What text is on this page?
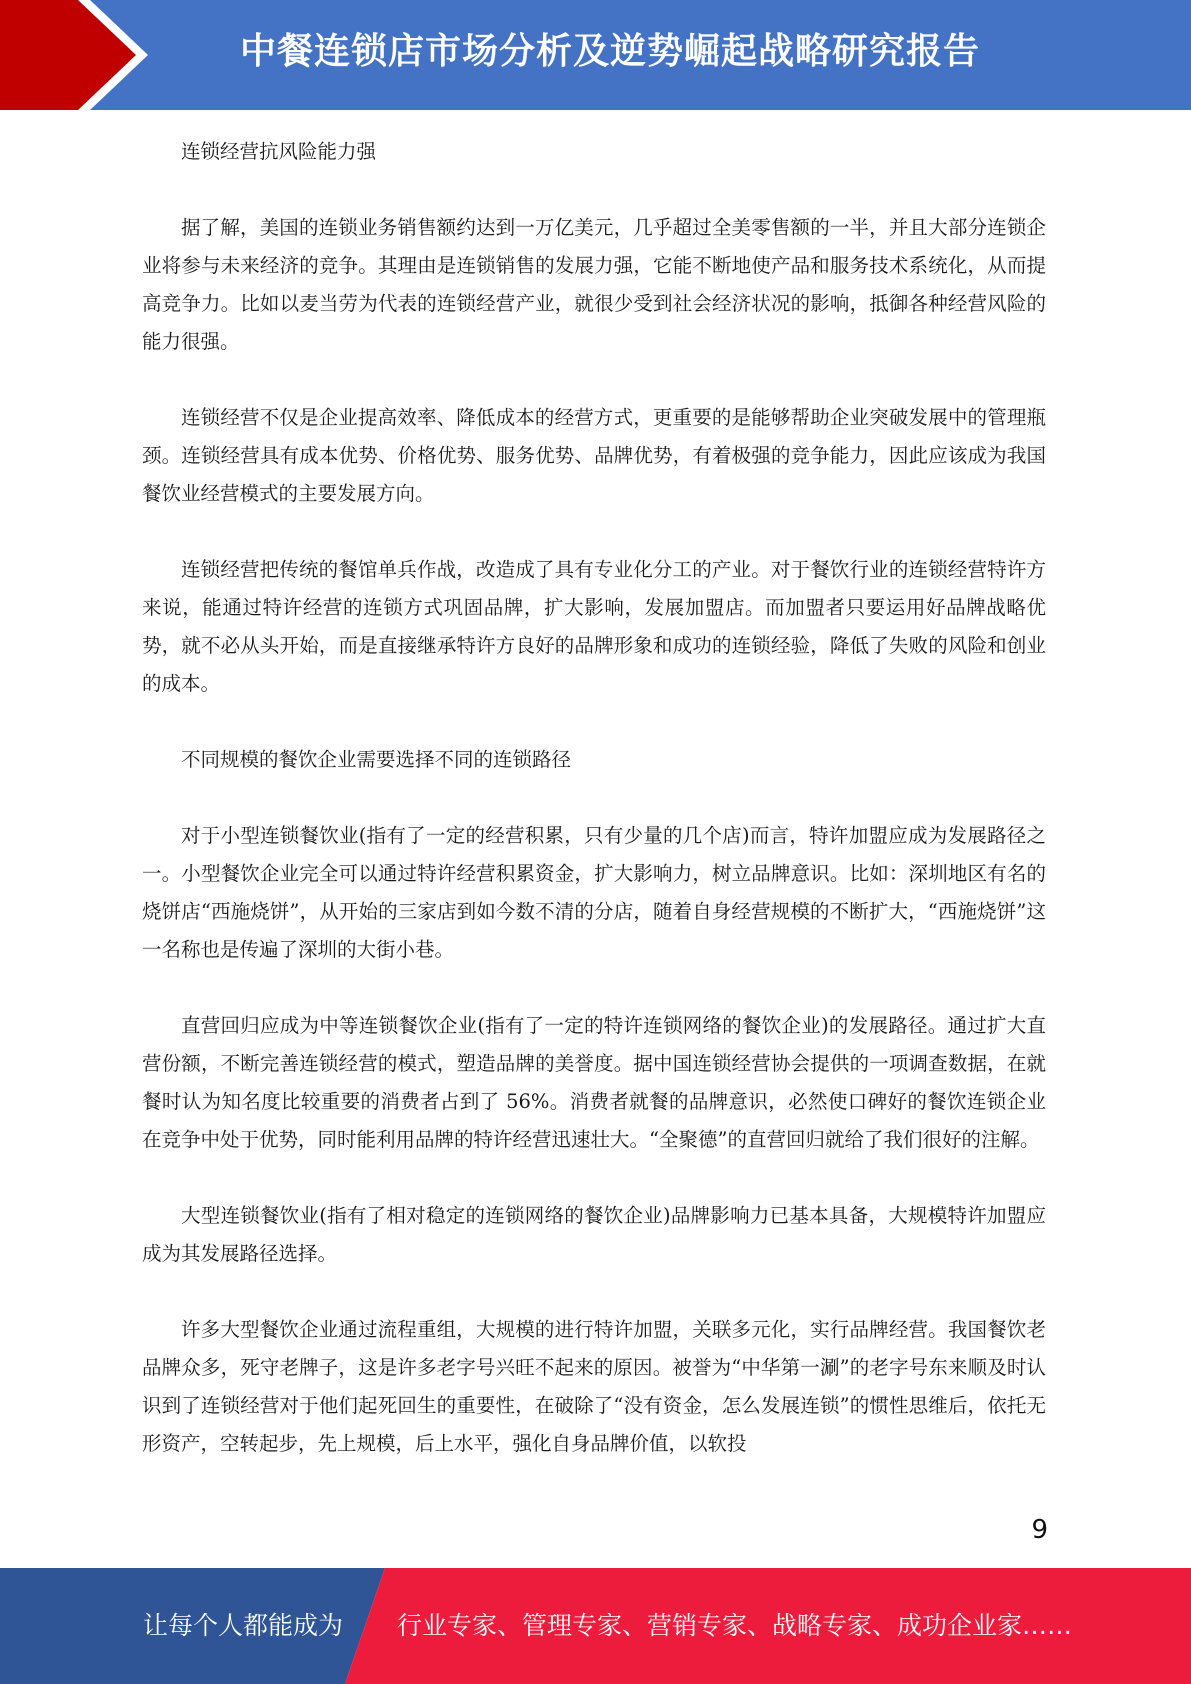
中餐连锁店市场分析及逆势崛起战略研究报告

连锁经营抗风险能力强

据了解，美国的连锁业务销售额约达到一万亿美元，几乎超过全美零售额的一半，并且大部分连锁企业将参与未来经济的竞争。其理由是连锁销售的发展力强，它能不断地使产品和服务技术系统化，从而提高竞争力。比如以麦当劳为代表的连锁经营产业，就很少受到社会经济状况的影响，抵御各种经营风险的能力很强。

连锁经营不仅是企业提高效率、降低成本的经营方式，更重要的是能够帮助企业突破发展中的管理瓶颈。连锁经营具有成本优势、价格优势、服务优势、品牌优势，有着极强的竞争能力，因此应该成为我国餐饮业经营模式的主要发展方向。

连锁经营把传统的餐馆单兵作战，改造成了具有专业化分工的产业。对于餐饮行业的连锁经营特许方来说，能通过特许经营的连锁方式巩固品牌，扩大影响，发展加盟店。而加盟者只要运用好品牌战略优势，就不必从头开始，而是直接继承特许方良好的品牌形象和成功的连锁经验，降低了失败的风险和创业的成本。

不同规模的餐饮企业需要选择不同的连锁路径

对于小型连锁餐饮业(指有了一定的经营积累，只有少量的几个店)而言，特许加盟应成为发展路径之一。小型餐饮企业完全可以通过特许经营积累资金，扩大影响力，树立品牌意识。比如：深圳地区有名的烧饼店“西施烧饼”，从开始的三家店到如今数不清的分店，随着自身经营规模的不断扩大，“西施烧饼”这一名称也是传遍了深圳的大街小巷。

直营回归应成为中等连锁餐饮企业(指有了一定的特许连锁网络的餐饮企业)的发展路径。通过扩大直营份额，不断完善连锁经营的模式，塑造品牌的美誉度。据中国连锁经营协会提供的一项调查数据，在就餐时认为知名度比较重要的消费者占到了 56%。消费者就餐的品牌意识，必然使口碑好的餐饮连锁企业在竞争中处于优势，同时能利用品牌的特许经营迅速壮大。“全聚德”的直营回归就给了我们很好的注解。

大型连锁餐饮业(指有了相对稳定的连锁网络的餐饮企业)品牌影响力已基本具备，大规模特许加盟应成为其发展路径选择。

许多大型餐饮企业通过流程重组，大规模的进行特许加盟，关联多元化，实行品牌经营。我国餐饮老品牌众多，死守老牌子，这是许多老字号兴旺不起来的原因。被誉为“中华第一涮”的老字号东来顺及时认识到了连锁经营对于他们起死回生的重要性，在破除了“没有资金，怎么发展连锁”的惯性思维后，依托无形资产，空转起步，先上规模，后上水平，强化自身品牌价值，以软投

9
让每个人都能成为 行业专家、管理专家、营销专家、战略专家、成功企业家……
